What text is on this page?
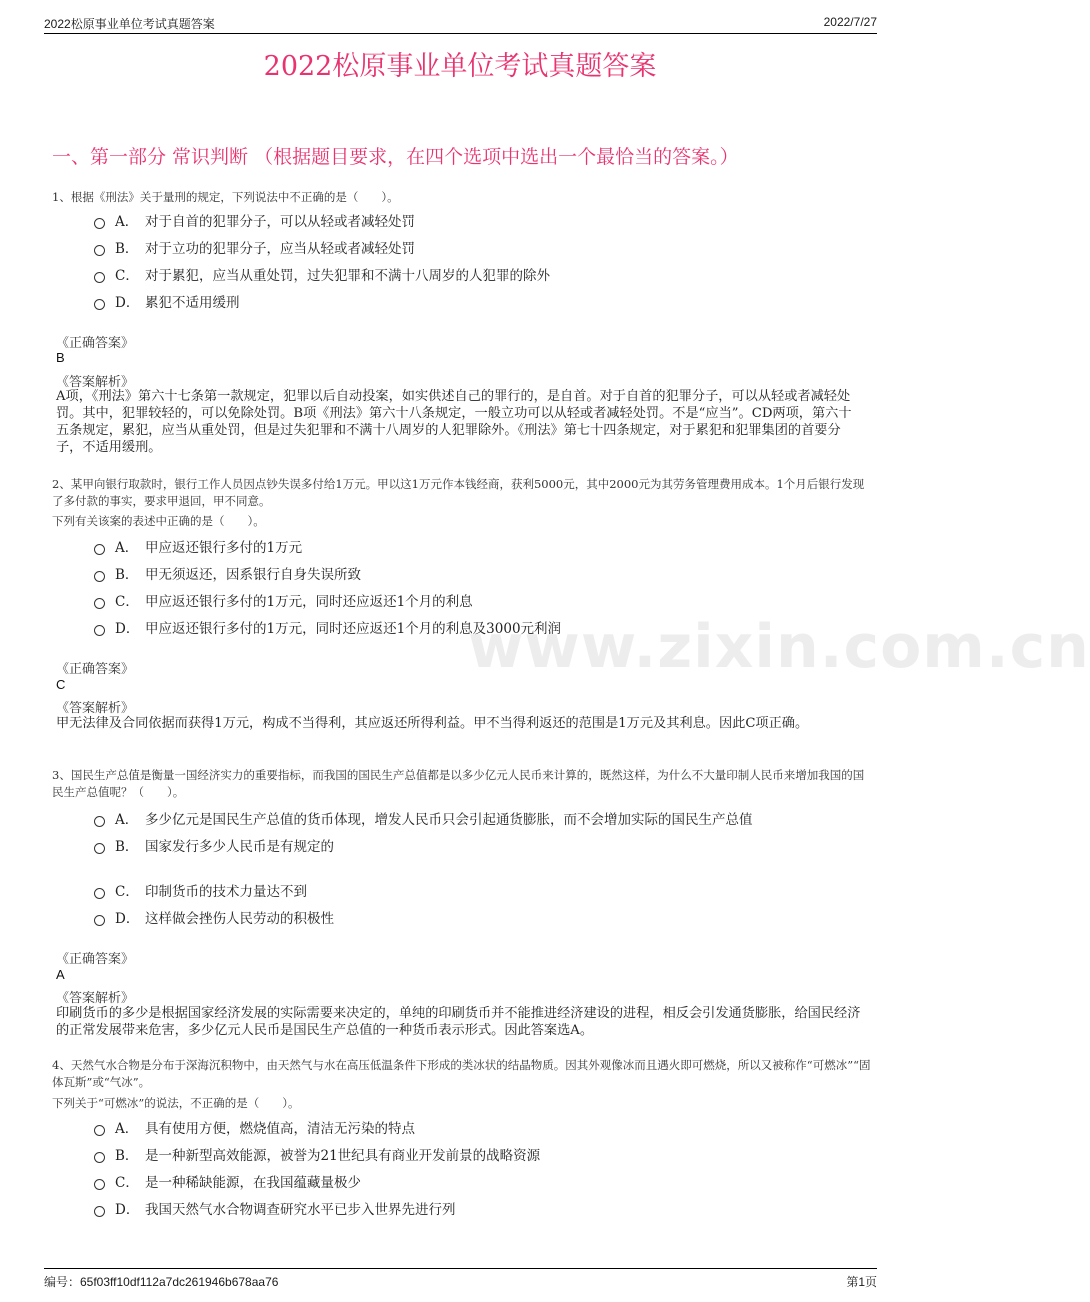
2022松原事业单位考试真题答案	2022/7/27
2022松原事业单位考试真题答案
一、第一部分 常识判断 （根据题目要求，在四个选项中选出一个最恰当的答案。）
1、根据《刑法》关于量刑的规定，下列说法中不正确的是（　　）。
A． 对于自首的犯罪分子，可以从轻或者减轻处罚
B． 对于立功的犯罪分子，应当从轻或者减轻处罚
C． 对于累犯，应当从重处罚，过失犯罪和不满十八周岁的人犯罪的除外
D． 累犯不适用缓刑
《正确答案》
B
《答案解析》
A项，《刑法》第六十七条第一款规定，犯罪以后自动投案，如实供述自己的罪行的，是自首。对于自首的犯罪分子，可以从轻或者减轻处罚。其中，犯罪较轻的，可以免除处罚。B项《刑法》第六十八条规定，一般立功可以从轻或者减轻处罚。不是“应当”。CD两项，第六十五条规定，累犯，应当从重处罚，但是过失犯罪和不满十八周岁的人犯罪除外。《刑法》第七十四条规定，对于累犯和犯罪集团的首要分子，不适用缓刑。
2、某甲向银行取款时，银行工作人员因点钞失误多付给1万元。甲以这1万元作本钱经商，获利5000元，其中2000元为其劳务管理费用成本。1个月后银行发现了多付款的事实，要求甲退回，甲不同意。
下列有关该案的表述中正确的是（　　）。
A． 甲应返还银行多付的1万元
B． 甲无须返还，因系银行自身失误所致
C． 甲应返还银行多付的1万元，同时还应返还1个月的利息
D． 甲应返还银行多付的1万元，同时还应返还1个月的利息及3000元利润
《正确答案》
C
《答案解析》
甲无法律及合同依据而获得1万元，构成不当得利，其应返还所得利益。甲不当得利返还的范围是1万元及其利息。因此C项正确。
3、国民生产总值是衡量一国经济实力的重要指标，而我国的国民生产总值都是以多少亿元人民币来计算的，既然这样，为什么不大量印制人民币来增加我国的国民生产总值呢？（　　）。
A． 多少亿元是国民生产总值的货币体现，增发人民币只会引起通货膨胀，而不会增加实际的国民生产总值
B． 国家发行多少人民币是有规定的
C． 印制货币的技术力量达不到
D． 这样做会挫伤人民劳动的积极性
《正确答案》
A
《答案解析》
印刷货币的多少是根据国家经济发展的实际需要来决定的，单纯的印刷货币并不能推进经济建设的进程，相反会引发通货膨胀，给国民经济的正常发展带来危害，多少亿元人民币是国民生产总值的一种货币表示形式。因此答案选A。
4、天然气水合物是分布于深海沉积物中，由天然气与水在高压低温条件下形成的类冰状的结晶物质。因其外观像冰而且遇火即可燃烧，所以又被称作“可燃冰”“固体瓦斯”或“气冰”。
下列关于“可燃冰”的说法，不正确的是（　　）。
A． 具有使用方便，燃烧值高，清洁无污染的特点
B． 是一种新型高效能源，被誉为21世纪具有商业开发前景的战略资源
C． 是一种稀缺能源，在我国蕴藏量极少
D． 我国天然气水合物调查研究水平已步入世界先进行列
www.zixin.com.cn
编号：65f03ff10df112a7dc261946b678aa76	第1页
